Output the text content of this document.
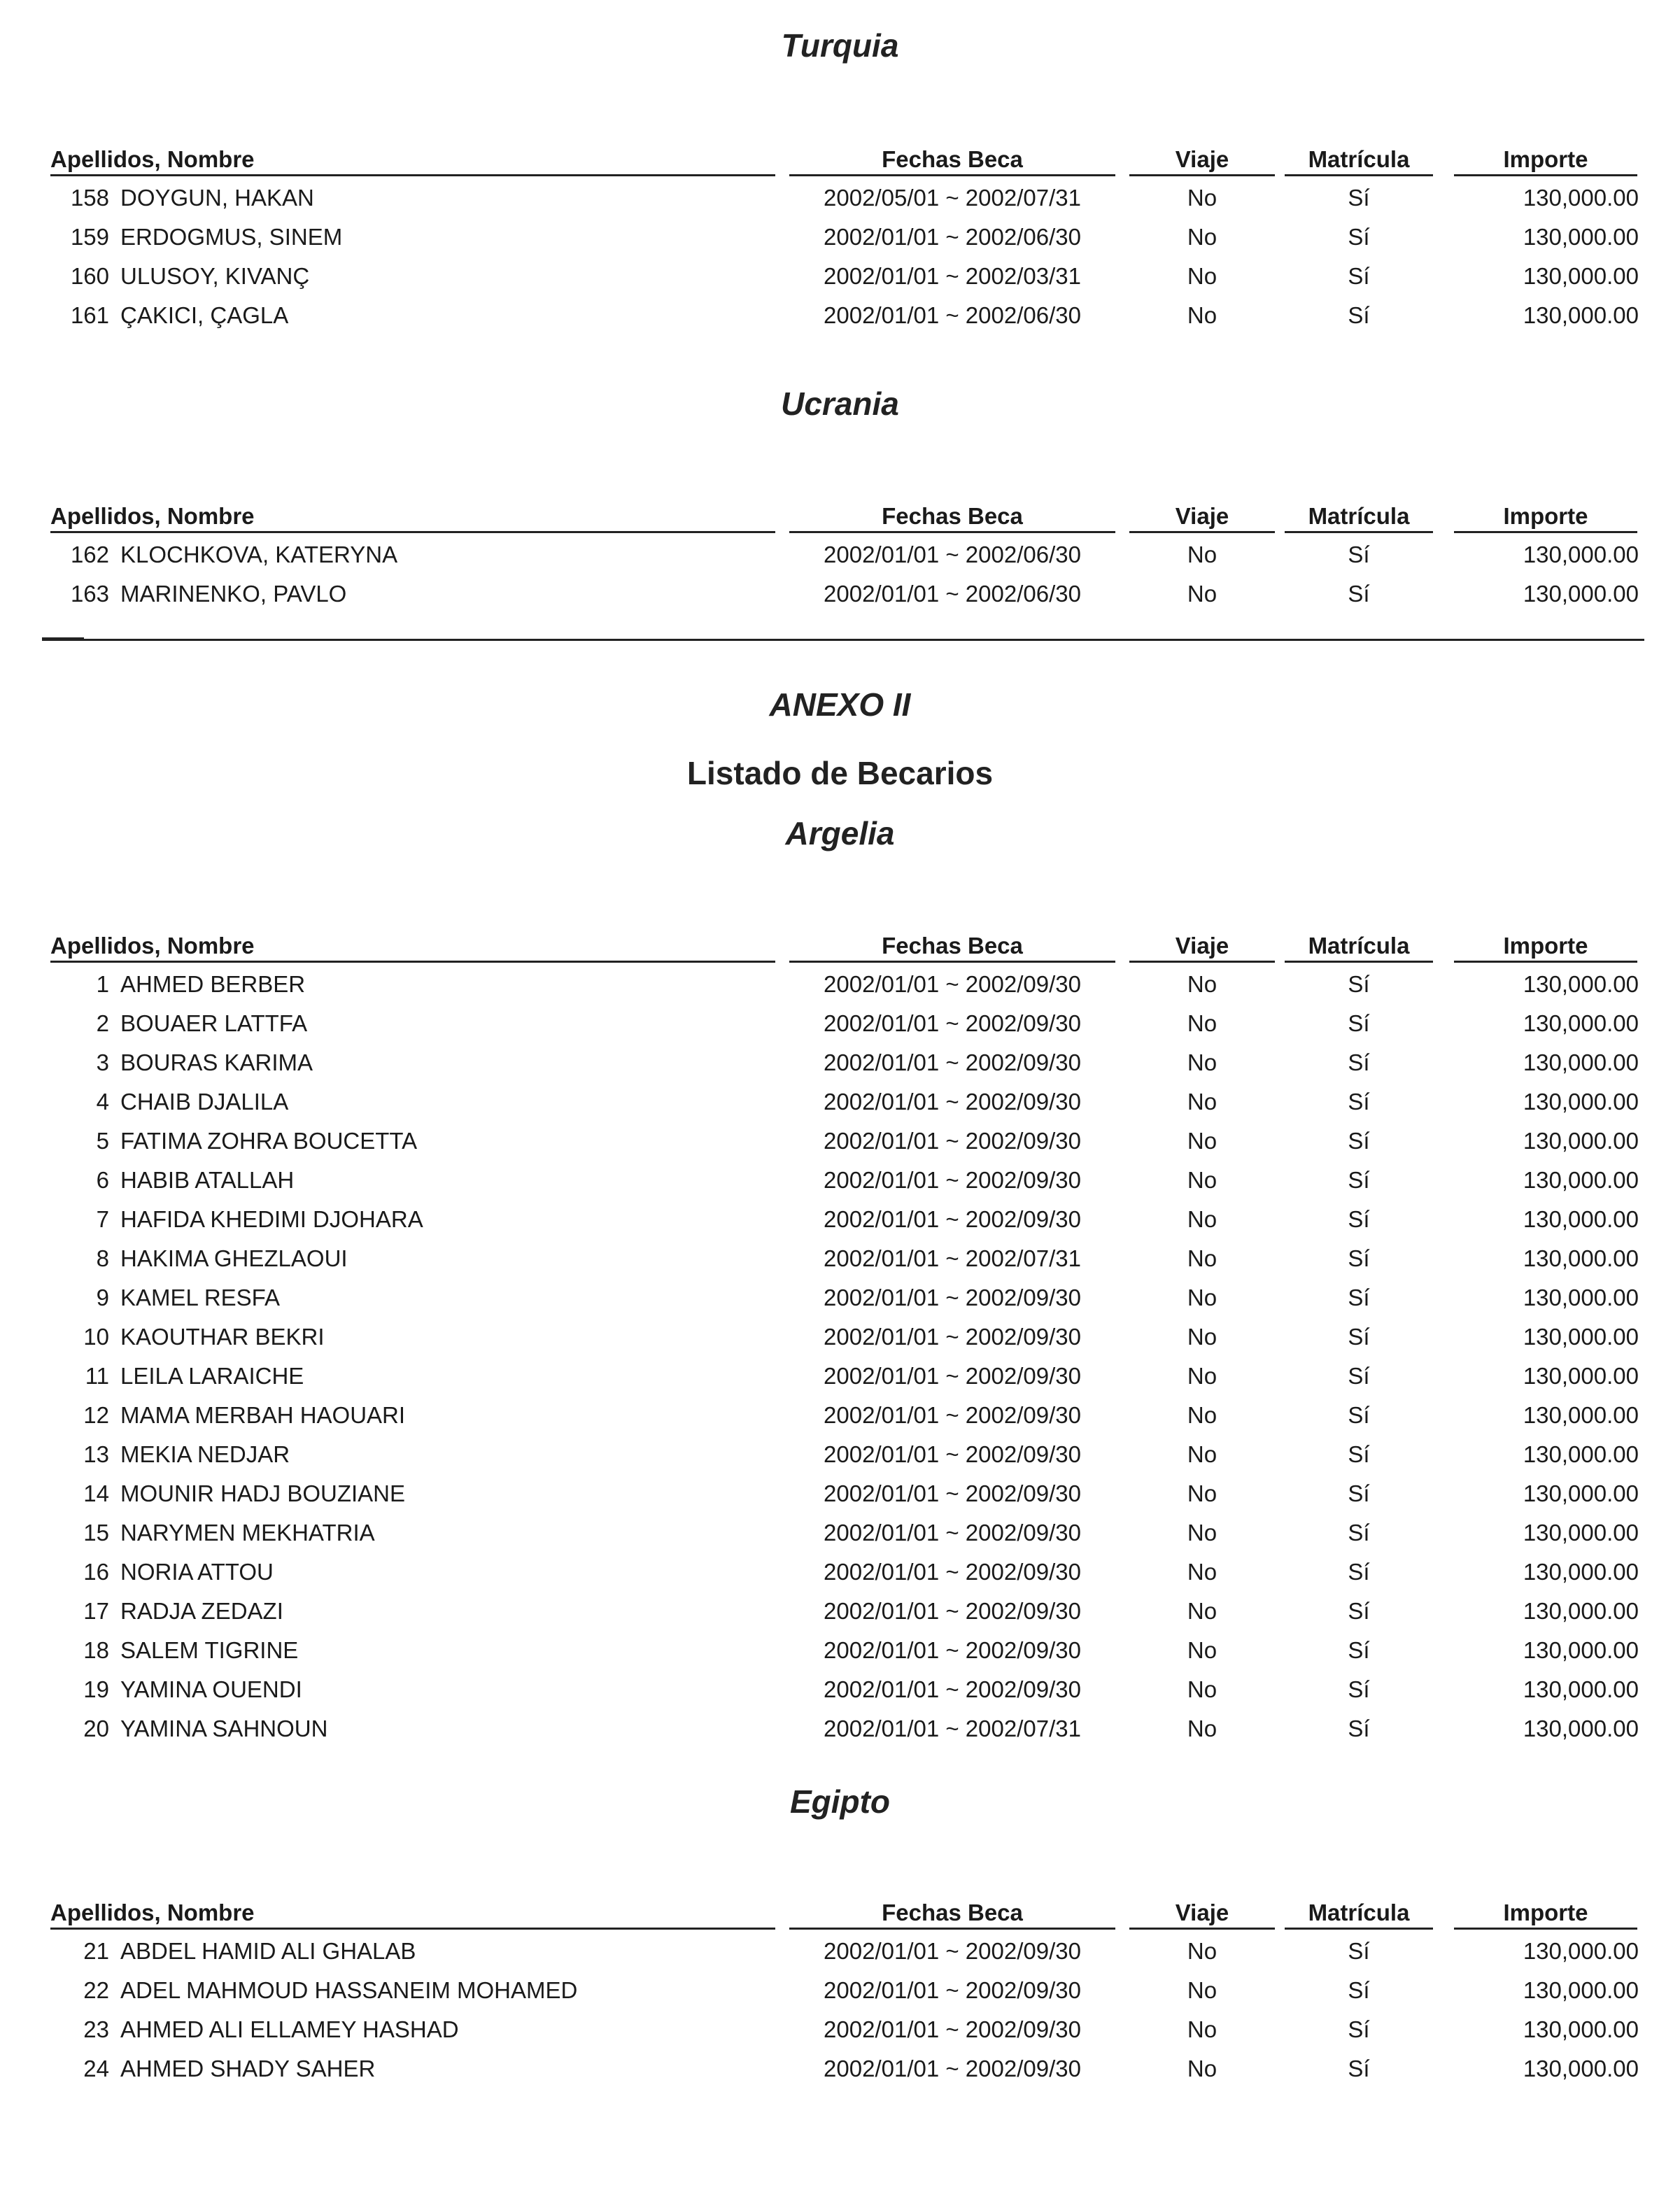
Turquia
Ucrania
ANEXO II
Listado de Becarios
Argelia
Egipto
Apellidos, Nombre	Fechas Beca	Viaje	Matrícula	Importe
158 DOYGUN, HAKAN	2002/05/01 ~ 2002/07/31	No	Sí	130,000.00
159 ERDOGMUS, SINEM	2002/01/01 ~ 2002/06/30	No	Sí	130,000.00
160 ULUSOY, KIVANÇ	2002/01/01 ~ 2002/03/31	No	Sí	130,000.00
161 ÇAKICI, ÇAGLA	2002/01/01 ~ 2002/06/30	No	Sí	130,000.00
Apellidos, Nombre	Fechas Beca	Viaje	Matrícula	Importe
162 KLOCHKOVA, KATERYNA	2002/01/01 ~ 2002/06/30	No	Sí	130,000.00
163 MARINENKO, PAVLO	2002/01/01 ~ 2002/06/30	No	Sí	130,000.00
Apellidos, Nombre	Fechas Beca	Viaje	Matrícula	Importe
1 AHMED BERBER	2002/01/01 ~ 2002/09/30	No	Sí	130,000.00
2 BOUAER LATTFA	2002/01/01 ~ 2002/09/30	No	Sí	130,000.00
3 BOURAS KARIMA	2002/01/01 ~ 2002/09/30	No	Sí	130,000.00
4 CHAIB DJALILA	2002/01/01 ~ 2002/09/30	No	Sí	130,000.00
5 FATIMA ZOHRA BOUCETTA	2002/01/01 ~ 2002/09/30	No	Sí	130,000.00
6 HABIB ATALLAH	2002/01/01 ~ 2002/09/30	No	Sí	130,000.00
7 HAFIDA KHEDIMI DJOHARA	2002/01/01 ~ 2002/09/30	No	Sí	130,000.00
8 HAKIMA GHEZLAOUI	2002/01/01 ~ 2002/07/31	No	Sí	130,000.00
9 KAMEL RESFA	2002/01/01 ~ 2002/09/30	No	Sí	130,000.00
10 KAOUTHAR BEKRI	2002/01/01 ~ 2002/09/30	No	Sí	130,000.00
11 LEILA LARAICHE	2002/01/01 ~ 2002/09/30	No	Sí	130,000.00
12 MAMA MERBAH HAOUARI	2002/01/01 ~ 2002/09/30	No	Sí	130,000.00
13 MEKIA NEDJAR	2002/01/01 ~ 2002/09/30	No	Sí	130,000.00
14 MOUNIR HADJ BOUZIANE	2002/01/01 ~ 2002/09/30	No	Sí	130,000.00
15 NARYMEN MEKHATRIA	2002/01/01 ~ 2002/09/30	No	Sí	130,000.00
16 NORIA ATTOU	2002/01/01 ~ 2002/09/30	No	Sí	130,000.00
17 RADJA ZEDAZI	2002/01/01 ~ 2002/09/30	No	Sí	130,000.00
18 SALEM TIGRINE	2002/01/01 ~ 2002/09/30	No	Sí	130,000.00
19 YAMINA OUENDI	2002/01/01 ~ 2002/09/30	No	Sí	130,000.00
20 YAMINA SAHNOUN	2002/01/01 ~ 2002/07/31	No	Sí	130,000.00
Apellidos, Nombre	Fechas Beca	Viaje	Matrícula	Importe
21 ABDEL HAMID ALI GHALAB	2002/01/01 ~ 2002/09/30	No	Sí	130,000.00
22 ADEL MAHMOUD HASSANEIM MOHAMED	2002/01/01 ~ 2002/09/30	No	Sí	130,000.00
23 AHMED ALI ELLAMEY HASHAD	2002/01/01 ~ 2002/09/30	No	Sí	130,000.00
24 AHMED SHADY SAHER	2002/01/01 ~ 2002/09/30	No	Sí	130,000.00
